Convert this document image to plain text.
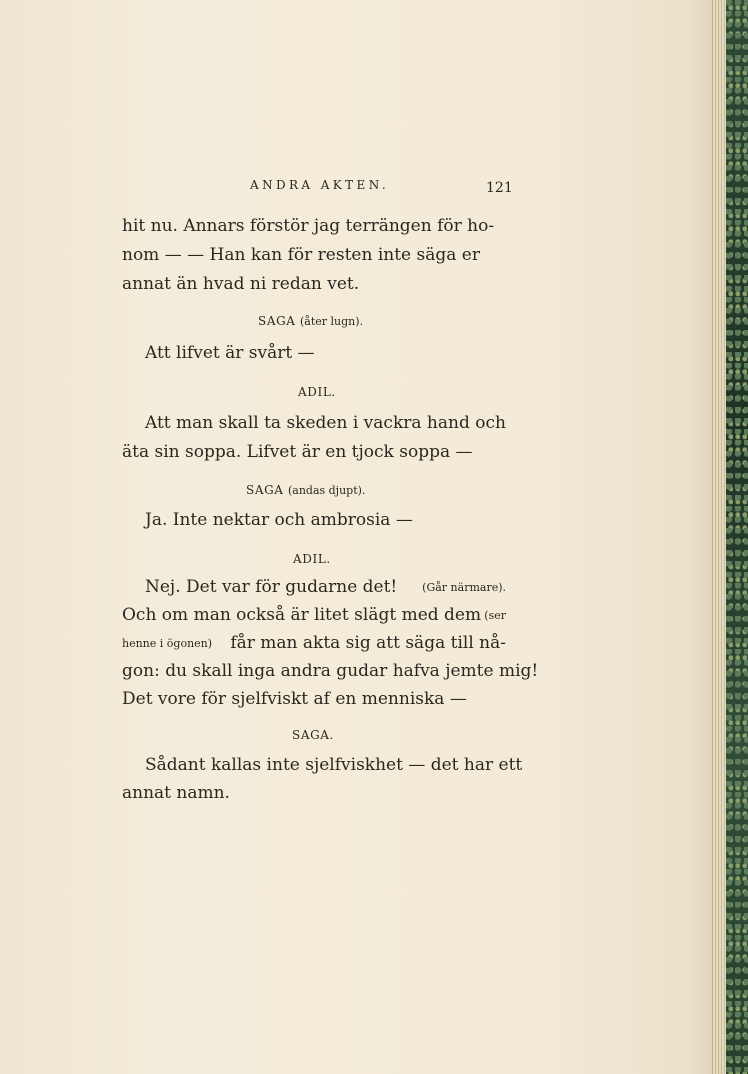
ANDRA AKTEN.	121

hit nu. Annars förstör jag terrängen för ho-

nom — — Han kan för resten inte säga er

annat än hvad ni redan vet.

SAGA (åter lugn).

Att lifvet är svårt —

ADIL.

Att man skall ta skeden i vackra hand och

äta sin soppa. Lifvet är en tjock soppa —

SAGA (andas djupt).

Ja. Inte nektar och ambrosia —

ADIL.

Nej. Det var för gudarne det! (Går närmare).

Och om man också är litet slägt med dem (ser

henne i ögonen) får man akta sig att säga till nå-

gon: du skall inga andra gudar hafva jemte mig!

Det vore för sjelfviskt af en menniska —

SAGA.

Sådant kallas inte sjelfviskhet — det har ett

annat namn.
